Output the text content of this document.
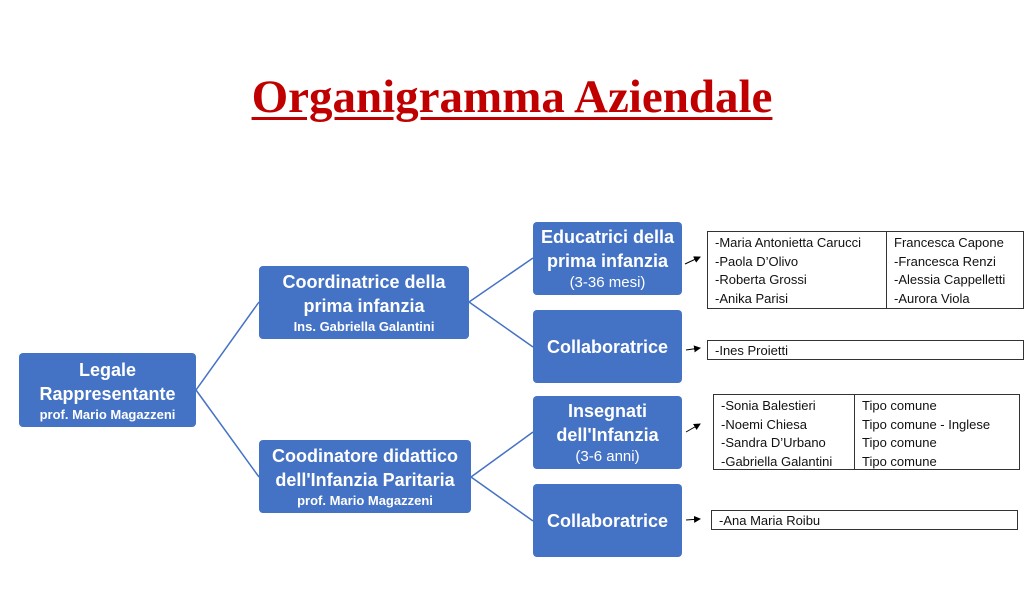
Organigramma Aziendale
Legale Rappresentante
prof. Mario Magazzeni
Coordinatrice della prima infanzia
Ins. Gabriella Galantini
Coodinatore didattico dell'Infanzia Paritaria
prof. Mario Magazzeni
Educatrici della prima infanzia
(3-36 mesi)
Collaboratrice
Insegnati dell'Infanzia
(3-6 anni)
Collaboratrice
-Maria Antonietta Carucci
-Paola D’Olivo
-Roberta Grossi
-Anika Parisi
Francesca Capone
-Francesca Renzi
-Alessia Cappelletti
-Aurora Viola
-Ines Proietti
-Sonia Balestieri
-Noemi Chiesa
-Sandra D’Urbano
-Gabriella Galantini
Tipo comune
Tipo comune - Inglese
Tipo comune
Tipo comune
-Ana Maria Roibu
